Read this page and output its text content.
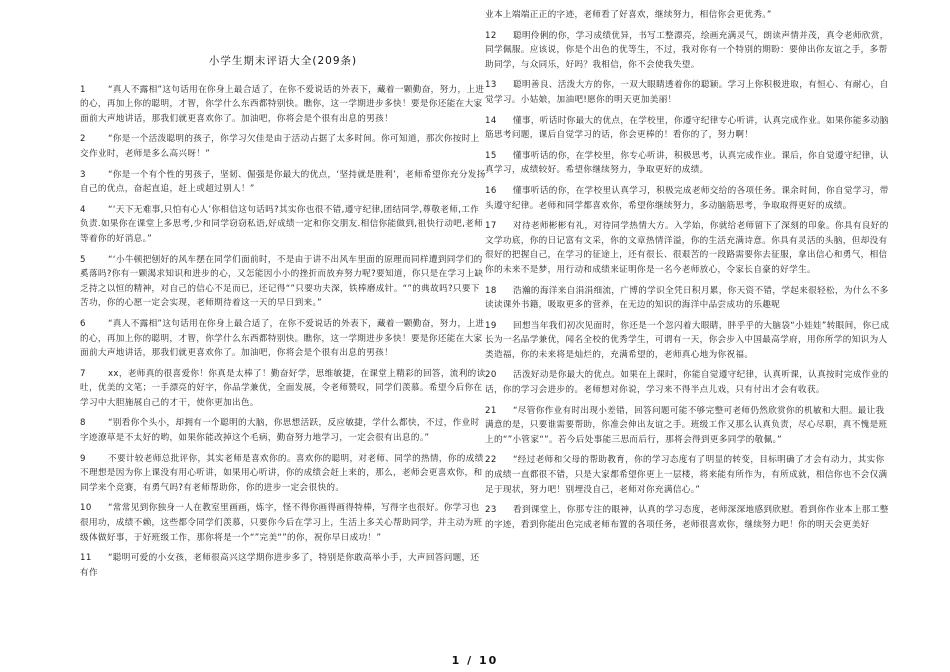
小学生期末评语大全(209条)
1	“真人不露相”这句话用在你身上最合适了，在你不爱说话的外表下，藏着一颗勤奋，努力，上进的心，再加上你的聪明，才智，你学什么东西都特别快。瞧你，这一学期进步多快！要是你还能在大家面前大声地讲话，那我们就更喜欢你了。加油吧，你将会是个很有出息的男孩！
2	“你是一个活泼聪明的孩子，你学习欠佳是由于活动占据了太多时间。你可知道，那次你按时上交作业时，老师是多么高兴呀！”
3	“你是一个有个性的男孩子，坚韧、倔强是你最大的优点，‘坚持就是胜利’，老师希望你充分发扬自己的优点，奋起直追，赶上或超过别人！”
4	“‘天下无难事,只怕有心人’你相信这句话吗?其实你也很不错,遵守纪律,团结同学,尊敬老师,工作负责.如果你在课堂上多思考,少和同学窃窃私语,好成绩一定和你交朋友.相信你能做到,祖快行动吧,老师等着你的好消息。”
5	“‘小牛顿把刨好的风车摆在同学们面前时，不是由于讲不出风车里面的原理而同样遭到同学们的奚落吗?你有一颗渴求知识和进步的心，又怎能因小小的挫折而放弃努力呢?要知道，你只是在学习上缺乏持之以恒的精神，对自己的信心不足而已，还记得“”只要功夫深，铁棒磨成针。“”的典故吗?只要下苦功，你的心愿一定会实现，老师期待着这一天的早日到来。”
6	“真人不露相”这句话用在你身上最合适了，在你不爱说话的外表下，藏着一颗勤奋，努力，上进的心，再加上你的聪明，才智，你学什么东西都特别快。瞧你，这一学期进步多快！要是你还能在大家面前大声地讲话，那我们就更喜欢你了。加油吧，你将会是个很有出息的男孩！
7	xx，老师真的很喜爱你！你真是太棒了！勤奋好学，思维敏捷，在课堂上精彩的回答，流利的读吐，优美的文笔；一手漂亮的好字，你品学兼优，全面发展，令老师赞叹，同学们羡慕。希望今后你在学习中大胆施展自己的才干，使你更加出色。
8	“别看你个头小，却拥有一个聪明的大脑，你思想活跃，反应敏捷，学什么都快，不过，作业时字迹潦草是不太好的哟，如果你能改掉这个毛病，勤奋努力地学习，一定会很有出息的。”
9	不要计较老师总批评你，其实老师是喜欢你的。喜欢你的聪明，对老师、同学的热情，你的成绩不理想是因为你上课没有用心听讲，如果用心听讲，你的成绩会赶上来的，那么，老师会更喜欢你，和同学来个竞赛，有勇气吗?有老师帮助你，你的进步一定会很快的。
10 “常常见到你独身一人在教室里画画，炼字，怪不得你画得画得特棒，写得字也很好。你学习也很用功，成绩不赖，这些都令同学们羡慕，只要你今后在学习上，生活上多关心帮助同学，并主动为班级体做好事，于好班级工作，那你将是一个“”完美“”的你，祝你早日成功！”
11 “聪明可爱的小女孩，老师很高兴这学期你进步多了，特别是你敢高举小手，大声回答问题，还有作
业本上端端正正的字迹，老师看了好喜欢，继续努力，相信你会更优秀。”
12 聪明伶俐的你，学习成绩优异，书写工整漂亮，绘画充满灵气，朗读声情并茂，真令老师欣赏，同学佩服。应该说，你是个出色的优等生，不过，我对你有一个特别的期盼：要伸出你友谊之手，多帮助同学，与众同乐，好吗？我相信，你不会使我失望。
13 聪明善良、活泼大方的你，一双大眼睛透着你的聪颖。学习上你积极进取，有恒心、有耐心，自觉学习。小姑娘，加油吧!愿你的明天更加美丽！
14 懂事，听话时你最大的优点，在学校里，你遵守纪律专心听讲，认真完成作业。如果你能多动脑筋思考问题，课后自觉学习的话，你会更棒的！看你的了，努力啊！
15 懂事听话的你，在学校里，你专心听讲，积极思考，认真完成作业。课后，你自觉遵守纪律，认真学习，成绩较好。希望你继续努力，争取更好的成绩。
16 懂事听话的你，在学校里认真学习，积极完成老师交给的各项任务。课余时间，你自觉学习，带头遵守纪律。老师和同学都喜欢你，希望你继续努力，多动脑筋思考，争取取得更好的成绩。
17 对待老师彬彬有礼，对待同学热情大方。入学始，你就给老师留下了深刻的印象。你具有良好的文学功底，你的日记富有文采，你的文章热情洋溢，你的生活充满诗意。你具有灵活的头脑，但却没有很好的把握自己，在学习的征途上，还有很长、很艰苦的一段路需要你去征服，拿出信心和勇气，相信你的未来不是梦，用行动和成绩来证明你是一名今老师放心，令家长自豪的好学生。
18 浩瀚的海洋来自涓涓细流，广博的学识全凭日积月累，你天资不错，学起来很轻松，为什么不多读读课外书籍，吸取更多的营养，在无边的知识的海洋中品尝成功的乐趣呢
19 回想当年我们初次见面时，你还是一个忽闪着大眼睛，胖乎乎的大脑袋“小娃娃”转眼间，你已成长为一名品学兼优，闻名全校的优秀学生，可谓有一天，你会步入中国最高学府，用你所学的知识为人类造福，你的未来将是灿烂的，充满希望的，老师真心地为你祝福。
20 活泼好动是你最大的优点。如果在上课时，你能自觉遵守纪律，认真听课，认真按时完成作业的话，你的学习会进步的。老师想对你说，学习来不得半点儿戏，只有付出才会有收获。
21 “尽管你作业有时出现小差错，回答问题可能不够完整可老师仍然欣赏你的机敏和大胆。最让我满意的是，只要谁需要帮助，你准会伸出友谊之手。班级工作又那么认真负责，尽心尽职，真不愧是班上的“”小管家“”。若今后处事能三思而后行，那将会得到更多同学的敬佩。”
22 “经过老师和父母的帮助教育，你的学习态度有了明显的转变，目标明确了才会有动力，其实你的成绩一直都很不错，只是大家都希望你更上一层楼，将来能有所作为，有所成就，相信你也不会仅满足于现状，努力吧！别埋没自己，老师对你充满信心。”
23 看到课堂上，你那专注的眼神，认真的学习态度，老师深深地感到欣慰。看到你作业本上那工整的字迹，看到你能出色完成老师布置的各项任务，老师很喜欢你，继续努力吧！你的明天会更美好
1 / 10
